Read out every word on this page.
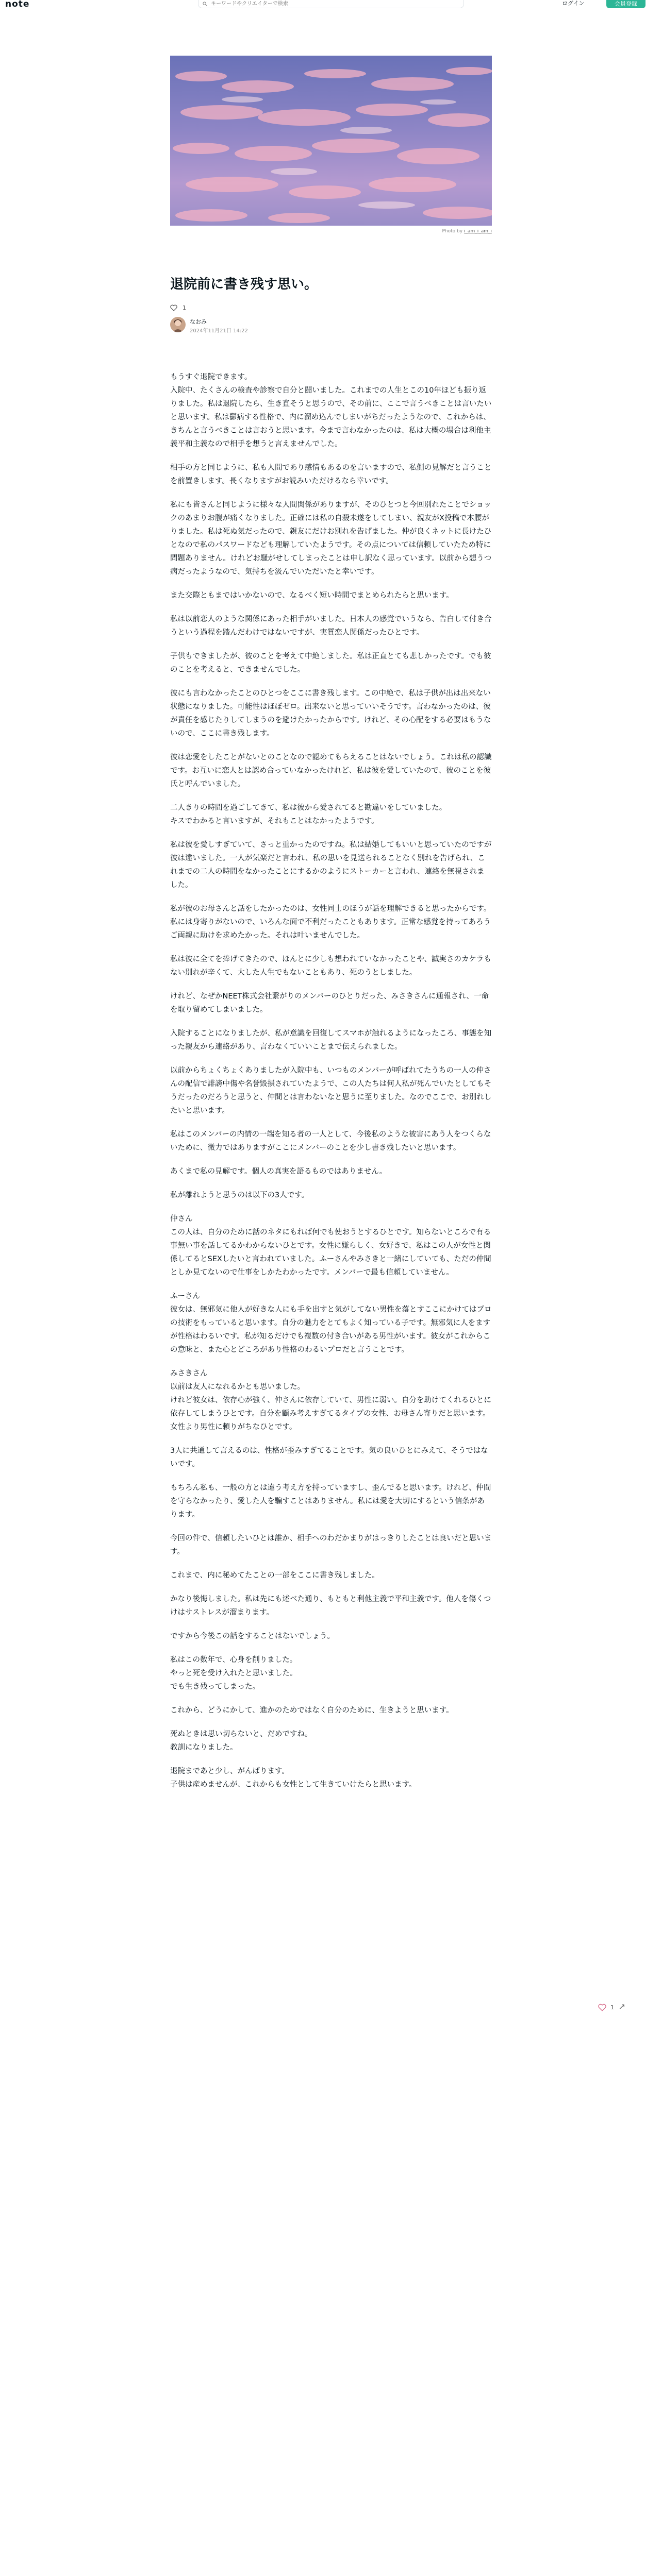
note
キーワードやクリエイターで検索	ログイン	会員登録
Photo by i_am_i_am_i
退院前に書き残す思い。
1
なおみ
2024年11月21日 14:22

もうすぐ退院できます。
入院中、たくさんの検査や診察で自分と闘いました。これまでの人生とこの10年ほども振り返りました。私は退院したら、生き直そうと思うので、その前に、ここで言うべきことは言いたいと思います。私は鬱病する性格で、内に溜め込んでしまいがちだったようなので、これからは、きちんと言うべきことは言おうと思います。今まで言わなかったのは、私は大概の場合は利他主義平和主義なので相手を想うと言えませんでした。

相手の方と同じように、私も人間であり感情もあるのを言いますので、私側の見解だと言うことを前置きします。長くなりますがお読みいただけるなら幸いです。

私にも皆さんと同じように様々な人間関係がありますが、そのひとつと今回別れたことでショックのあまりお腹が痛くなりました。正確には私の自殺未遂をしてしまい、親友がX投稿で本腰がりました。私は死ぬ気だったので、親友にだけお別れを告げました。仲が良くネットに長けたひとなので私のパスワードなども理解していたようです。その点については信頼していたため特に問題ありません。けれどお騒がせしてしまったことは申し訳なく思っています。以前から想うつ病だったようなので、気持ちを汲んでいただいたと幸いです。

また交際ともまではいかないので、なるべく短い時間でまとめられたらと思います。

私は以前恋人のような関係にあった相手がいました。日本人の感覚でいうなら、告白して付き合うという過程を踏んだわけではないですが、実質恋人関係だったひとです。

子供もできましたが、彼のことを考えて中絶しました。私は正直とても悲しかったです。でも彼のことを考えると、できませんでした。

彼にも言わなかったことのひとつをここに書き残します。この中絶で、私は子供が出は出来ない状態になりました。可能性はほぼゼロ。出来ないと思っていいそうです。言わなかったのは、彼が責任を感じたりしてしまうのを避けたかったからです。けれど、その心配をする必要はもうないので、ここに書き残します。

彼は恋愛をしたことがないとのことなので認めてもらえることはないでしょう。これは私の認識です。お互いに恋人とは認め合っていなかったけれど、私は彼を愛していたので、彼のことを彼氏と呼んでいました。

二人きりの時間を過ごしてきて、私は彼から愛されてると勘違いをしていました。
キスでわかると言いますが、それもことはなかったようです。

私は彼を愛しすぎていて、さっと重かったのですね。私は結婚してもいいと思っていたのですが彼は違いました。一人が気楽だと言われ、私の思いを見送られることなく別れを告げられ、これまでの二人の時間をなかったことにするかのようにストーカーと言われ、連絡を無視されました。

私が彼のお母さんと話をしたかったのは、女性同士のほうが話を理解できると思ったからです。私には身寄りがないので、いろんな面で不利だったこともあります。正常な感覚を持ってあろうご両親に助けを求めたかった。それは叶いませんでした。

私は彼に全てを捧げてきたので、ほんとに少しも想われていなかったことや、誠実さのカケラもない別れが辛くて、大した人生でもないこともあり、死のうとしました。

けれど、なぜかNEET株式会社繋がりのメンバーのひとりだった、みさきさんに通報され、一命を取り留めてしまいました。

入院することになりましたが、私が意識を回復してスマホが触れるようになったころ、事態を知った親友から連絡があり、言わなくていいことまで伝えられました。

以前からちょくちょくありましたが入院中も、いつものメンバーが呼ばれてたうちの一人の仲さんの配信で誹謗中傷や名誉毀損されていたようで、この人たちは何人私が死んでいたとしてもそうだったのだろうと思うと、仲間とは言わないなと思うに至りました。なのでここで、お別れしたいと思います。

私はこのメンバーの内情の一端を知る者の一人として、今後私のような被害にあう人をつくらないために、微力ではありますがここにメンバーのことを少し書き残したいと思います。

あくまで私の見解です。個人の真実を語るものではありません。

私が離れようと思うのは以下の3人です。

仲さん
この人は、自分のために話のネタにもれば何でも使おうとするひとです。知らないところで有る事無い事を話してるかわからないひとです。女性に嫌らしく、女好きで、私はこの人が女性と関係してるとSEXしたいと言われていました。ふーさんやみさきと一緒にしていても、ただの仲間としか見てないので仕事をしかたわかったです。メンバーで最も信頼していません。

ふーさん
彼女は、無邪気に他人が好きな人にも手を出すと気がしてない男性を落とすここにかけてはプロの技術をもっていると思います。自分の魅力をとてもよく知っている子です。無邪気に人をますが性格はわるいです。私が知るだけでも複数の付き合いがある男性がいます。彼女がこれからこの意味と、また心とどころがあり性格のわるいプロだと言うことです。

みさきさん
以前は友人になれるかとも思いました。
けれど彼女は、依存心が強く、仲さんに依存していて、男性に弱い。自分を助けてくれるひとに依存してしまうひとです。自分を顧み考えすぎてるタイプの女性、お母さん寄りだと思います。女性より男性に頼りがちなひとです。

3人に共通して言えるのは、性格が歪みすぎてることです。気の良いひとにみえて、そうではないです。

もちろん私も、一般の方とは違う考え方を持っていますし、歪んでると思います。けれど、仲間を守らなかったり、愛した人を騙すことはありません。私には愛を大切にするという信条があります。

今回の件で、信頼したいひとは誰か、相手へのわだかまりがはっきりしたことは良いだと思います。

これまで、内に秘めてたことの一部をここに書き残しました。

かなり後悔しました。私は先にも述べた通り、もともと利他主義で平和主義です。他人を傷くつけはサストレスが溜まります。

ですから今後この話をすることはないでしょう。

私はこの数年で、心身を削りました。
やっと死を受け入れたと思いました。
でも生き残ってしまった。

これから、どうにかして、進かのためではなく自分のために、生きようと思います。

死ぬときは思い切らないと、だめですね。
教訓になりました。

退院まであと少し、がんばります。
子供は産めませんが、これからも女性として生きていけたらと思います。

1
